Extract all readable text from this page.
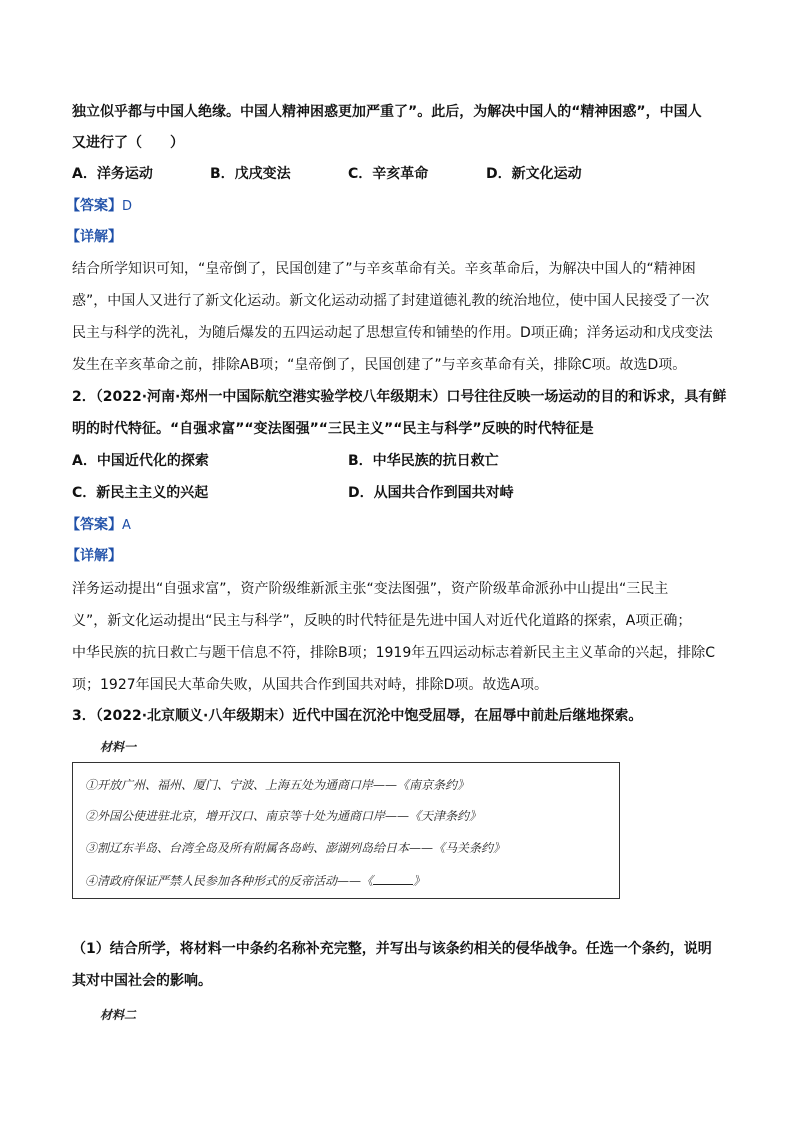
独立似乎都与中国人绝缘。中国人精神困惑更加严重了”。此后，为解决中国人的“精神困惑”，中国人
又进行了（　　）
A．洋务运动	B．戊戌变法	C．辛亥革命	D．新文化运动
【答案】D
【详解】
结合所学知识可知，“皇帝倒了，民国创建了”与辛亥革命有关。辛亥革命后，为解决中国人的“精神困
惑”，中国人又进行了新文化运动。新文化运动动摇了封建道德礼教的统治地位，使中国人民接受了一次
民主与科学的洗礼，为随后爆发的五四运动起了思想宣传和铺垫的作用。D项正确；洋务运动和戊戌变法
发生在辛亥革命之前，排除AB项；“皇帝倒了，民国创建了”与辛亥革命有关，排除C项。故选D项。
2．（2022·河南·郑州一中国际航空港实验学校八年级期末）口号往往反映一场运动的目的和诉求，具有鲜
明的时代特征。“自强求富”“变法图强”“三民主义”“民主与科学”反映的时代特征是
A．中国近代化的探索	B．中华民族的抗日救亡
C．新民主主义的兴起	D．从国共合作到国共对峙
【答案】A
【详解】
洋务运动提出“自强求富”，资产阶级维新派主张“变法图强”，资产阶级革命派孙中山提出“三民主
义”，新文化运动提出“民主与科学”，反映的时代特征是先进中国人对近代化道路的探索，A项正确；
中华民族的抗日救亡与题干信息不符，排除B项；1919年五四运动标志着新民主主义革命的兴起，排除C
项；1927年国民大革命失败，从国共合作到国共对峙，排除D项。故选A项。
3．（2022·北京顺义·八年级期末）近代中国在沉沦中饱受屈辱，在屈辱中前赴后继地探索。
材料一
①开放广州、福州、厦门、宁波、上海五处为通商口岸——《南京条约》
②外国公使进驻北京，增开汉口、南京等十处为通商口岸——《天津条约》
③割辽东半岛、台湾全岛及所有附属各岛屿、澎湖列岛给日本——《马关条约》
④清政府保证严禁人民参加各种形式的反帝活动——《	》
（1）结合所学，将材料一中条约名称补充完整，并写出与该条约相关的侵华战争。任选一个条约，说明
其对中国社会的影响。
材料二
